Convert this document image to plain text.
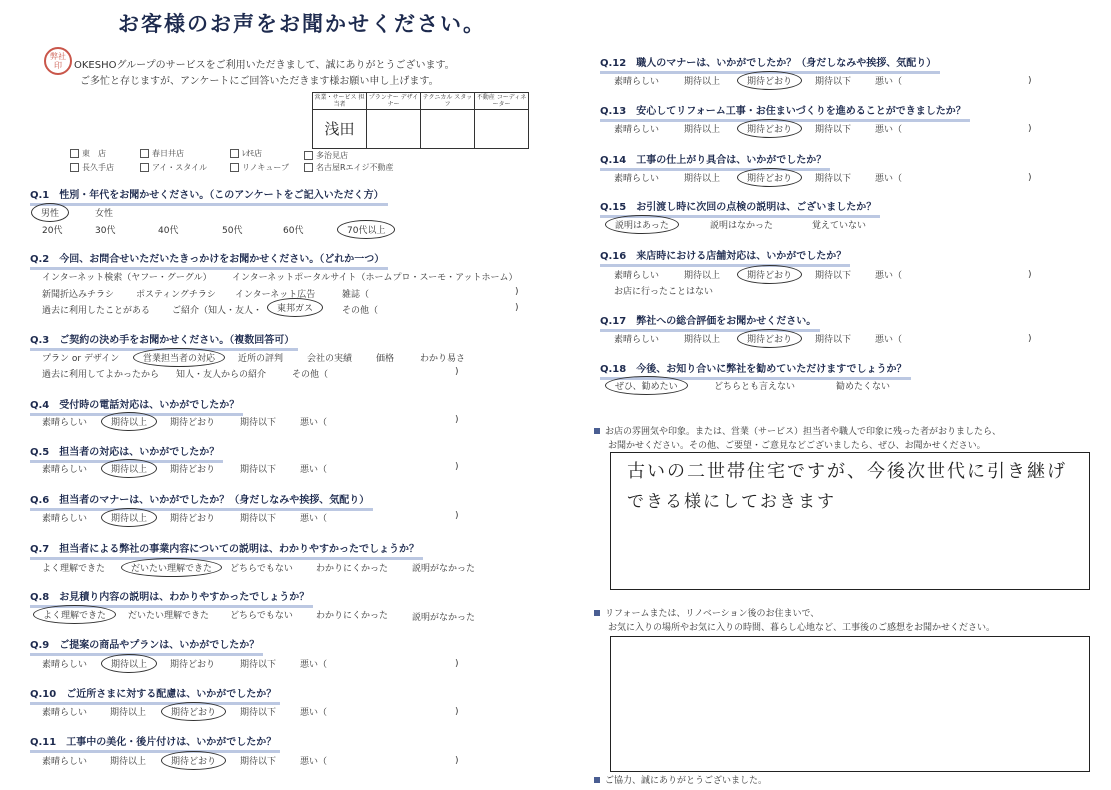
お客様のお声をお聞かせください。
弊社
印	OKESHOグループのサービスをご利用いただきまして、誠にありがとうございます。
ご多忙と存じますが、アンケートにご回答いただきます様お願い申し上げます。
営業・サービス 担当者	プランナー デザイナー	テクニカル スタッフ	不動産 コーディネーター
浅田			
東　店	春日井店	ﾚｵﾓ店	多治見店
長久手店	アイ・スタイル	リノキューブ	名古屋Rエイジ不動産
Q.1　性別・年代をお聞かせください。（このアンケートをご記入いただく方）
男性	女性
20代	30代	40代	50代	60代	70代以上
Q.2　今回、お問合せいただいたきっかけをお聞かせください。（どれか一つ）
インターネット検索（ヤフー・グーグル） インターネットポータルサイト（ホームプロ・スーモ・アットホーム）
新聞折込みチラシ ポスティングチラシ インターネット広告	雑誌（	)
過去に利用したことがある ご紹介（知人・友人・	東邦ガス	その他（	)
Q.3　ご契約の決め手をお聞かせください。（複数回答可）
プラン or デザイン	営業担当者の対応	近所の評判	会社の実績	価格	わかり易さ
過去に利用してよかったから 知人・友人からの紹介	その他（	)
Q.4　受付時の電話対応は、いかがでしたか？
素晴らしい	期待以上	期待どおり	期待以下	悪い（	)
Q.5　担当者の対応は、いかがでしたか？
素晴らしい	期待以上	期待どおり	期待以下	悪い（	)
Q.6　担当者のマナーは、いかがでしたか？（身だしなみや挨拶、気配り）
素晴らしい	期待以上	期待どおり	期待以下	悪い（	)
Q.7　担当者による弊社の事業内容についての説明は、わかりやすかったでしょうか？
よく理解できた	だいたい理解できた	どちらでもない	わかりにくかった	説明がなかった
Q.8　お見積り内容の説明は、わかりやすかったでしょうか？
よく理解できた	だいたい理解できた どちらでもない	わかりにくかった	説明がなかった
Q.9　ご提案の商品やプランは、いかがでしたか？
素晴らしい	期待以上	期待どおり	期待以下	悪い（	)
Q.10　ご近所さまに対する配慮は、いかがでしたか？
素晴らしい	期待以上	期待どおり	期待以下	悪い（	)
Q.11　工事中の美化・後片付けは、いかがでしたか？
素晴らしい	期待以上	期待どおり	期待以下	悪い（	)
Q.12　職人のマナーは、いかがでしたか？（身だしなみや挨拶、気配り）
素晴らしい	期待以上	期待どおり	期待以下	悪い（	)
Q.13　安心してリフォーム工事・お住まいづくりを進めることができましたか？
素晴らしい	期待以上	期待どおり	期待以下	悪い（	)
Q.14　工事の仕上がり具合は、いかがでしたか？
素晴らしい	期待以上	期待どおり	期待以下	悪い（	)
Q.15　お引渡し時に次回の点検の説明は、ございましたか？
説明はあった	説明はなかった	覚えていない
Q.16　来店時における店舗対応は、いかがでしたか？
素晴らしい	期待以上	期待どおり	期待以下	悪い（	)
お店に行ったことはない
Q.17　弊社への総合評価をお聞かせください。
素晴らしい	期待以上	期待どおり	期待以下	悪い（	)
Q.18　今後、お知り合いに弊社を勧めていただけますでしょうか？
ぜひ、勧めたい	どちらとも言えない	勧めたくない
お店の雰囲気や印象。または、営業（サービス）担当者や職人で印象に残った者がおりましたら、
お聞かせください。その他、ご要望・ご意見などございましたら、ぜひ、お聞かせください。
古いの二世帯住宅ですが、今後次世代に引き継げ
できる様にしておきます
リフォームまたは、リノベーション後のお住まいで、
お気に入りの場所やお気に入りの時間、暮らし心地など、工事後のご感想をお聞かせください。
ご協力、誠にありがとうございました。
